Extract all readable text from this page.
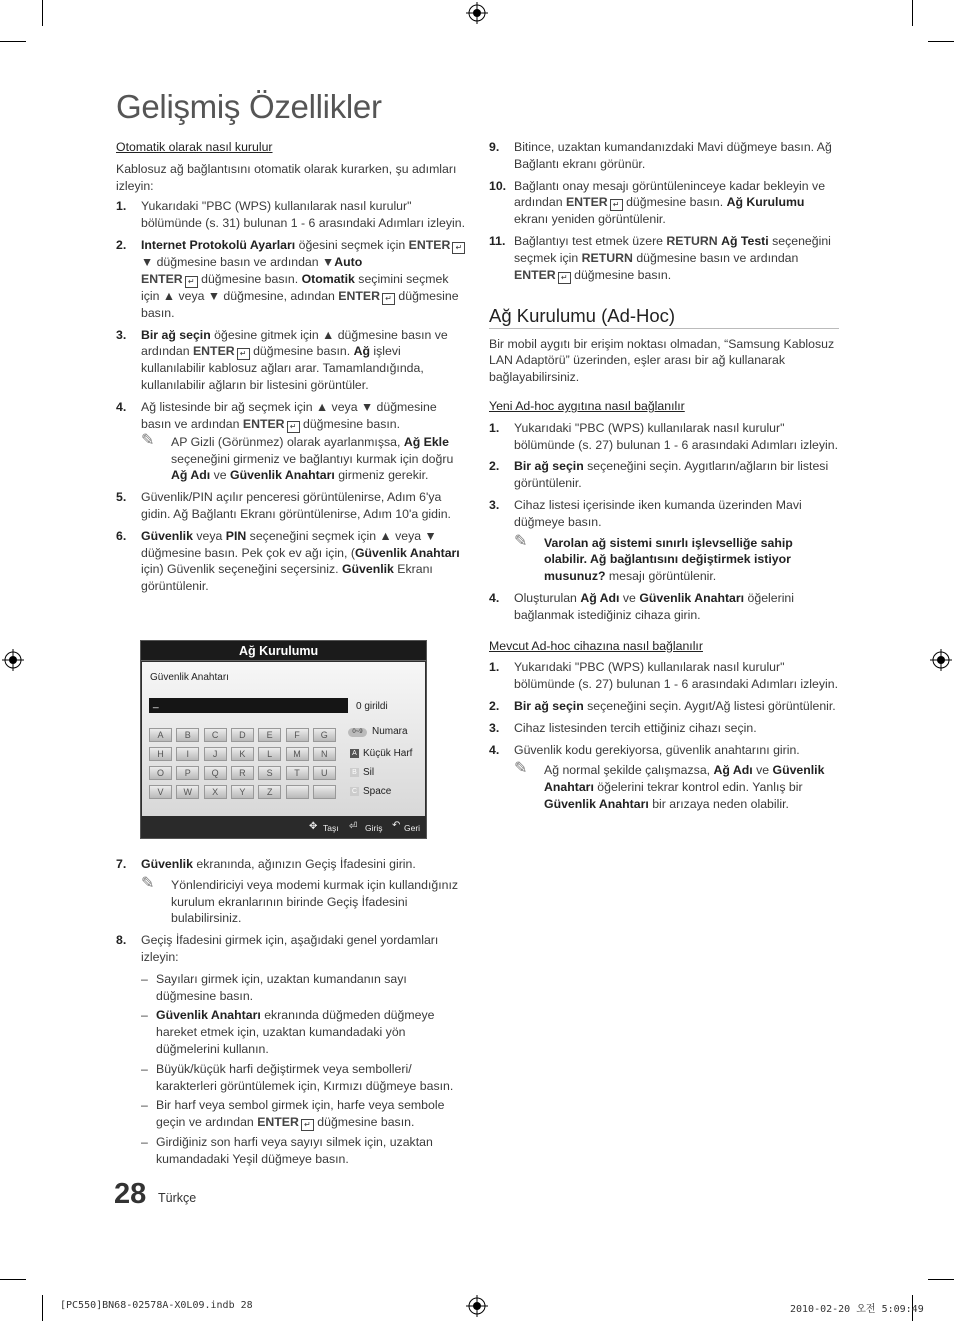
Gelişmiş Özellikler

Otomatik olarak nasıl kurulur

Kablosuz ağ bağlantısını otomatik olarak kurarken, şu adımları izleyin:

1. Yukarıdaki "PBC (WPS) kullanılarak nasıl kurulur" bölümünde (s. 31) bulunan 1 - 6 arasındaki Adımları izleyin.
2. Internet Protokolü Ayarları öğesini seçmek için ENTER ↵▼ düğmesine basın ve ardından ▼Auto
ENTER ↵ düğmesine basın. Otomatik seçimini seçmek için ▲ veya ▼ düğmesine, adından ENTER ↵ düğmesine basın.
3. Bir ağ seçin öğesine gitmek için ▲ düğmesine basın ve ardından ENTER ↵ düğmesine basın. Ağ işlevi kullanılabilir kablosuz ağları arar. Tamamlandığında, kullanılabilir ağların bir listesini görüntüler.
4. Ağ listesinde bir ağ seçmek için ▲ veya ▼ düğmesine basın ve ardından ENTER ↵ düğmesine basın.
✎ AP Gizli (Görünmez) olarak ayarlanmışsa, Ağ Ekle seçeneğini girmeniz ve bağlantıyı kurmak için doğru Ağ Adı ve Güvenlik Anahtarı girmeniz gerekir.
5. Güvenlik/PIN açılır penceresi görüntülenirse, Adım 6'ya gidin. Ağ Bağlantı Ekranı görüntülenirse, Adım 10'a gidin.
6. Güvenlik veya PIN seçeneğini seçmek için ▲ veya ▼ düğmesine basın. Pek çok ev ağı için, (Güvenlik Anahtarı için) Güvenlik seçeneğini seçersiniz. Güvenlik Ekranı görüntülenir.
Ağ Kurulumu
Güvenlik Anahtarı
_	0 girildi
A	B	C	D	E	F	G
H	I	J	K	L	M	N
O	P	Q	R	S	T	U
V	W	X	Y	Z
0~9 Numara
A Küçük Harf
B Sil
C Space
✥ Taşı ⏎ Giriş ↶ Geri
7. Güvenlik ekranında, ağınızın Geçiş İfadesini girin.
✎ Yönlendiriciyi veya modemi kurmak için kullandığınız kurulum ekranlarının birinde Geçiş İfadesini bulabilirsiniz.
8. Geçiş İfadesini girmek için, aşağıdaki genel yordamları izleyin:
– Sayıları girmek için, uzaktan kumandanın sayı düğmesine basın.
– Güvenlik Anahtarı ekranında düğmeden düğmeye hareket etmek için, uzaktan kumandadaki yön düğmelerini kullanın.
– Büyük/küçük harfi değiştirmek veya sembolleri/ karakterleri görüntülemek için, Kırmızı düğmeye basın.
– Bir harf veya sembol girmek için, harfe veya sembole geçin ve ardından ENTER ↵ düğmesine basın.
– Girdiğiniz son harfi veya sayıyı silmek için, uzaktan kumandadaki Yeşil düğmeye basın.
9. Bitince, uzaktan kumandanızdaki Mavi düğmeye basın. Ağ Bağlantı ekranı görünür.
10. Bağlantı onay mesajı görüntüleninceye kadar bekleyin ve ardından ENTER ↵ düğmesine basın. Ağ Kurulumu ekranı yeniden görüntülenir.
11. Bağlantıyı test etmek üzere RETURN Ağ Testi seçeneğini seçmek için RETURN düğmesine basın ve ardından ENTER ↵ düğmesine basın.

Ağ Kurulumu (Ad-Hoc)

Bir mobil aygıtı bir erişim noktası olmadan, “Samsung Kablosuz LAN Adaptörü” üzerinden, eşler arası bir ağ kullanarak bağlayabilirsiniz.

Yeni Ad-hoc aygıtına nasıl bağlanılır

1. Yukarıdaki "PBC (WPS) kullanılarak nasıl kurulur" bölümünde (s. 27) bulunan 1 - 6 arasındaki Adımları izleyin.
2. Bir ağ seçin seçeneğini seçin. Aygıtların/ağların bir listesi görüntülenir.
3. Cihaz listesi içerisinde iken kumanda üzerinden Mavi düğmeye basın.
✎ Varolan ağ sistemi sınırlı işlevselliğe sahip olabilir. Ağ bağlantısını değiştirmek istiyor musunuz? mesajı görüntülenir.
4. Oluşturulan Ağ Adı ve Güvenlik Anahtarı öğelerini bağlanmak istediğiniz cihaza girin.

Mevcut Ad-hoc cihazına nasıl bağlanılır

1. Yukarıdaki "PBC (WPS) kullanılarak nasıl kurulur" bölümünde (s. 27) bulunan 1 - 6 arasındaki Adımları izleyin.
2. Bir ağ seçin seçeneğini seçin. Aygıt/Ağ listesi görüntülenir.
3. Cihaz listesinden tercih ettiğiniz cihazı seçin.
4. Güvenlik kodu gerekiyorsa, güvenlik anahtarını girin.
✎ Ağ normal şekilde çalışmazsa, Ağ Adı ve Güvenlik Anahtarı öğelerini tekrar kontrol edin. Yanlış bir Güvenlik Anahtarı bir arızaya neden olabilir.
28 Türkçe
[PC550]BN68-02578A-X0L09.indb 28	2010-02-20 오전 5:09:49
